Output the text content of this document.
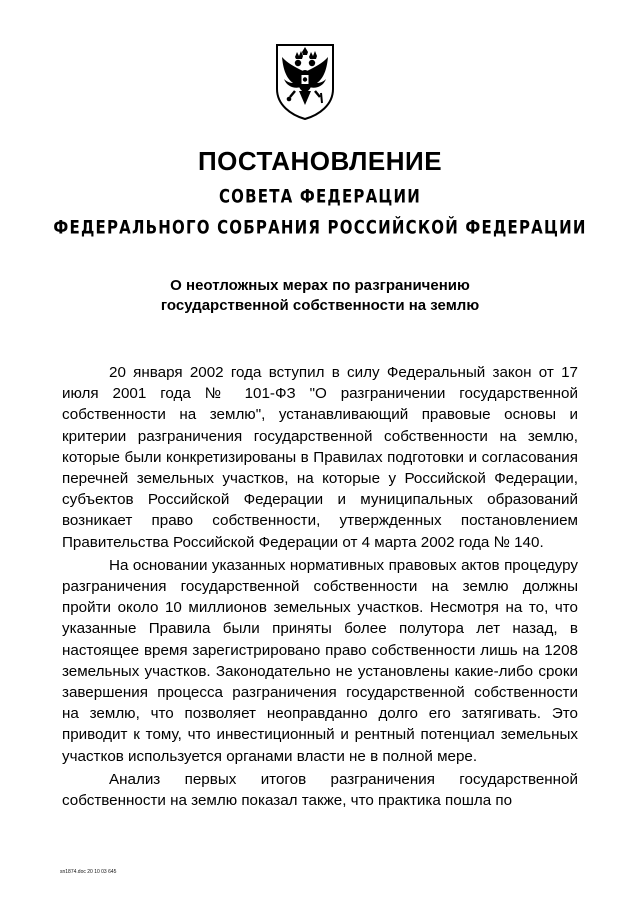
ПОСТАНОВЛЕНИЕ
СОВЕТА ФЕДЕРАЦИИ
ФЕДЕРАЛЬНОГО СОБРАНИЯ РОССИЙСКОЙ ФЕДЕРАЦИИ
О неотложных мерах по разграничению
государственной собственности на землю

20 января 2002 года вступил в силу Федеральный закон от 17 июля 2001 года № 101-ФЗ "О разграничении государственной собственности на землю", устанавливающий правовые основы и критерии разграничения государственной собственности на землю, которые были конкретизированы в Правилах подготовки и согласования перечней земельных участков, на которые у Российской Федерации, субъектов Российской Федерации и муниципальных образований возникает право собственности, утвержденных постановлением Правительства Российской Федерации от 4 марта 2002 года № 140.

На основании указанных нормативных правовых актов процедуру разграничения государственной собственности на землю должны пройти около 10 миллионов земельных участков. Несмотря на то, что указанные Правила были приняты более полутора лет назад, в настоящее время зарегистрировано право собственности лишь на 1208 земельных участков. Законодательно не установлены какие-либо сроки завершения процесса разграничения государственной собственности на землю, что позволяет неоправданно долго его затягивать. Это приводит к тому, что инвестиционный и рентный потенциал земельных участков используется органами власти не в полной мере.

Анализ первых итогов разграничения государственной собственности на землю показал также, что практика пошла по

sn1874.doc 20 10 03 645
